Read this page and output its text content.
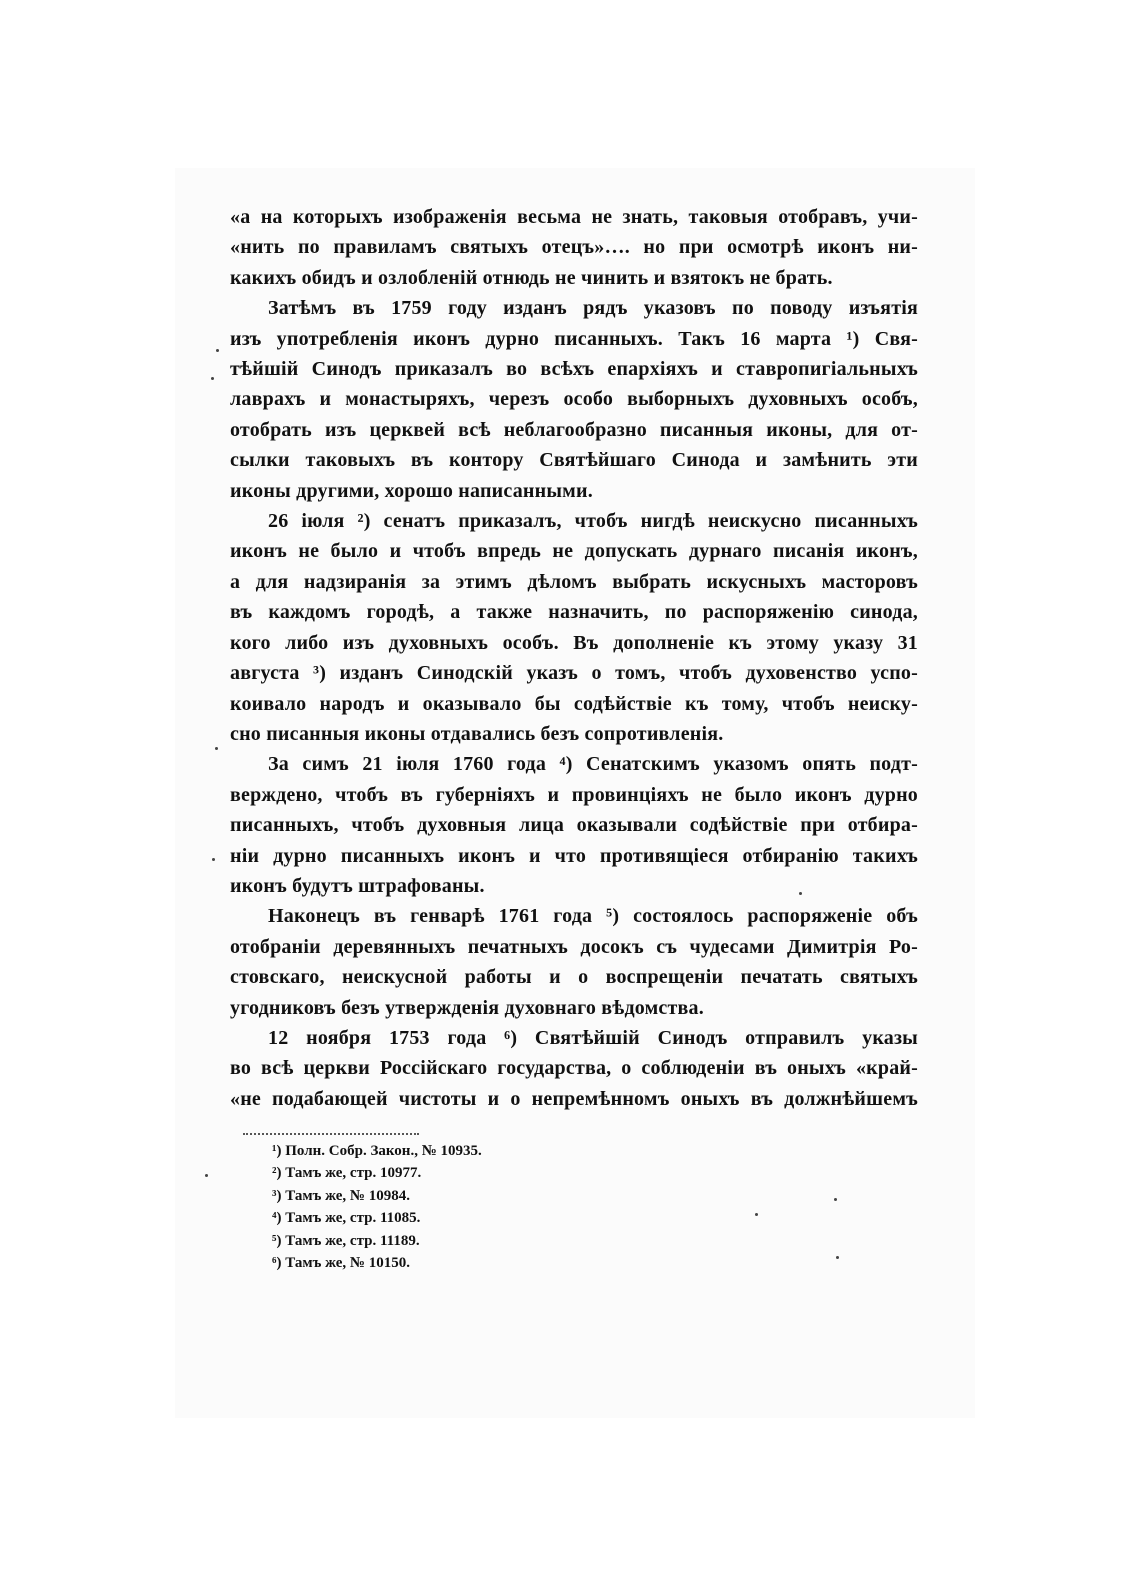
«а на которыхъ изображенія весьма не знать, таковыя отобравъ, учи-
«нить по правиламъ святыхъ отецъ»…. но при осмотрѣ иконъ ни-
какихъ обидъ и озлобленій отнюдь не чинить и взятокъ не брать.

Затѣмъ въ 1759 году изданъ рядъ указовъ по поводу изъятія
изъ употребленія иконъ дурно писанныхъ. Такъ 16 марта ¹) Свя-
тѣйшій Синодъ приказалъ во всѣхъ епархіяхъ и ставропигіальныхъ
лаврахъ и монастыряхъ, черезъ особо выборныхъ духовныхъ особъ,
отобрать изъ церквей всѣ неблагообразно писанныя иконы, для от-
сылки таковыхъ въ контору Святѣйшаго Синода и замѣнить эти
иконы другими, хорошо написанными.

26 іюля ²) сенатъ приказалъ, чтобъ нигдѣ неискусно писанныхъ
иконъ не было и чтобъ впредь не допускать дурнаго писанія иконъ,
а для надзиранія за этимъ дѣломъ выбрать искусныхъ масторовъ
въ каждомъ городѣ, а также назначить, по распоряженію синода,
кого либо изъ духовныхъ особъ. Въ дополненіе къ этому указу 31
августа ³) изданъ Синодскій указъ о томъ, чтобъ духовенство успо-
коивало народъ и оказывало бы содѣйствіе къ тому, чтобъ неиску-
сно писанныя иконы отдавались безъ сопротивленія.

За симъ 21 іюля 1760 года ⁴) Сенатскимъ указомъ опять подт-
верждено, чтобъ въ губерніяхъ и провинціяхъ не было иконъ дурно
писанныхъ, чтобъ духовныя лица оказывали содѣйствіе при отбира-
ніи дурно писанныхъ иконъ и что противящіеся отбиранію такихъ
иконъ будутъ штрафованы.

Наконецъ въ генварѣ 1761 года ⁵) состоялось распоряженіе объ
отобраніи деревянныхъ печатныхъ досокъ съ чудесами Димитрія Ро-
стовскаго, неискусной работы и о воспрещеніи печатать святыхъ
угодниковъ безъ утвержденія духовнаго вѣдомства.

12 ноября 1753 года ⁶) Святѣйшій Синодъ отправилъ указы
во всѣ церкви Россійскаго государства, о соблюденіи въ оныхъ «край-
«не подабающей чистоты и о непремѣнномъ оныхъ въ должнѣйшемъ

¹) Полн. Собр. Закон., № 10935.
²) Тамъ же, стр. 10977.
³) Тамъ же, № 10984.
⁴) Тамъ же, стр. 11085.
⁵) Тамъ же, стр. 11189.
⁶) Тамъ же, № 10150.
